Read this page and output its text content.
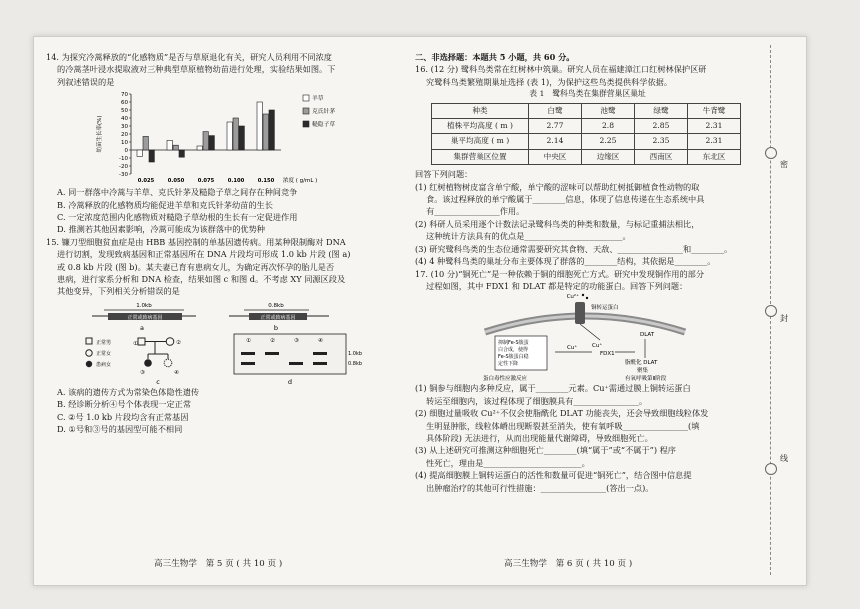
14. 为探究冷蒿释放的“化感物质”是否与草原退化有关，研究人员利用不同浓度

的冷蒿茎叶浸水提取液对三种典型草原植物幼苗进行处理，实验结果如图。下

列叙述错误的是

70
60
50
40
30
20
10
0
-10
-20
-30
幼苗生长率(%)
0.025	0.050	0.075	0.100	0.150 浓度 ( g/mL )
羊草
克氏针茅
糙隐子草

A. 同一群落中冷蒿与羊草、克氏针茅及糙隐子草之间存在种间竞争

B. 冷蒿释放的化感物质均能促进羊草和克氏针茅幼苗的生长

C. 一定浓度范围内化感物质对糙隐子草幼根的生长有一定促进作用

D. 推测若其他因素影响，冷蒿可能成为该群落中的优势种

15. 镰刀型细胞贫血症是由 HBB 基因控制的单基因遗传病。用某种限制酶对 DNA

进行切割，发现致病基因和正常基因所在 DNA 片段均可形成 1.0 kb 片段 (图 a)

或 0.8 kb 片段 (图 b)。某夫妻已育有患病女儿，为确定再次怀孕的胎儿是否

患病，进行家系分析和 DNA 检查，结果如图 c 和图 d。不考虑 XY 同源区段及

其他变异，下列相关分析错误的是

1.0kb
正常或致病基因
a
0.8kb
正常或致病基因
b
正常男
正常女
患病女
①	②
③	④
c
①	②	③	④
1.0kb
0.8kb
d

A. 该病的遗传方式为常染色体隐性遗传

B. 经诊断分析④号个体表现一定正常

C. ②号 1.0 kb 片段均含有正常基因

D. ①号和③号的基因型可能不相同

二、非选择题：本题共 5 小题，共 60 分。

16. (12 分) 鹭科鸟类常在红树林中筑巢。研究人员在福建漳江口红树林保护区研

究鹭科鸟类繁殖期巢址选择 (表 1)，为保护这些鸟类提供科学依据。

表 1　鹭科鸟类在集群营巢区巢址

种类	白鹭	池鹭	绿鹭	牛背鹭
植株平均高度 ( m )	2.77	2.8	2.85	2.31
巢平均高度 ( m )	2.14	2.25	2.35	2.31
集群营巢区位置	中央区	边缘区	西南区	东北区

回答下列问题：

(1) 红树植物树皮富含单宁酸，单宁酸的涩味可以帮助红树抵御植食性动物的取

食。该过程释放的单宁酸属于________信息，体现了信息传递在生态系统中具

有________________作用。

(2) 科研人员采用逐个计数法记录鹭科鸟类的种类和数量，与标记重捕法相比，

这种统计方法具有的优点是________________________。

(3) 研究鹭科鸟类的生态位通常需要研究其食物、天敌、________________和________。

(4) 4 种鹭科鸟类的巢址分布主要体现了群落的________结构，其依据是________。

17. (10 分)“铜死亡”是一种依赖于铜的细胞死亡方式。研究中发现铜作用的部分

过程如图，其中 FDX1 和 DLAT 都是特定的功能蛋白。回答下列问题：

Cu²⁺
铜转运蛋白
Cu⁺
DLAT
FDX1
Cu⁺
抑制Fe-S簇蛋
白合成，使得
Fe-S簇蛋白稳
定性下降	脂酰化 DLAT
聚集
蛋白毒性应激反应	有氧呼吸第Ⅱ阶段

(1) 铜参与细胞内多种反应，属于________元素。Cu⁺需通过膜上铜转运蛋白

转运至细胞内，该过程体现了细胞膜具有________________。

(2) 细胞过量吸收 Cu²⁺不仅会使脂酰化 DLAT 功能丧失，还会导致细胞线粒体发

生明显肿胀，线粒体嵴出现断裂甚至消失，使有氧呼吸________________(填

具体阶段) 无法进行，从而出现能量代谢障碍，导致细胞死亡。

(3) 从上述研究可推测这种细胞死亡________(填“属于”或“不属于”) 程序

性死亡，理由是________________________。

(4) 提高细胞膜上铜转运蛋白的活性和数量可促进“铜死亡”，结合图中信息提

出肿瘤治疗的其他可行性措施：________________(答出一点)。

高三生物学　第 5 页 ( 共 10 页 )	高三生物学　第 6 页 ( 共 10 页 )
密
封
线
